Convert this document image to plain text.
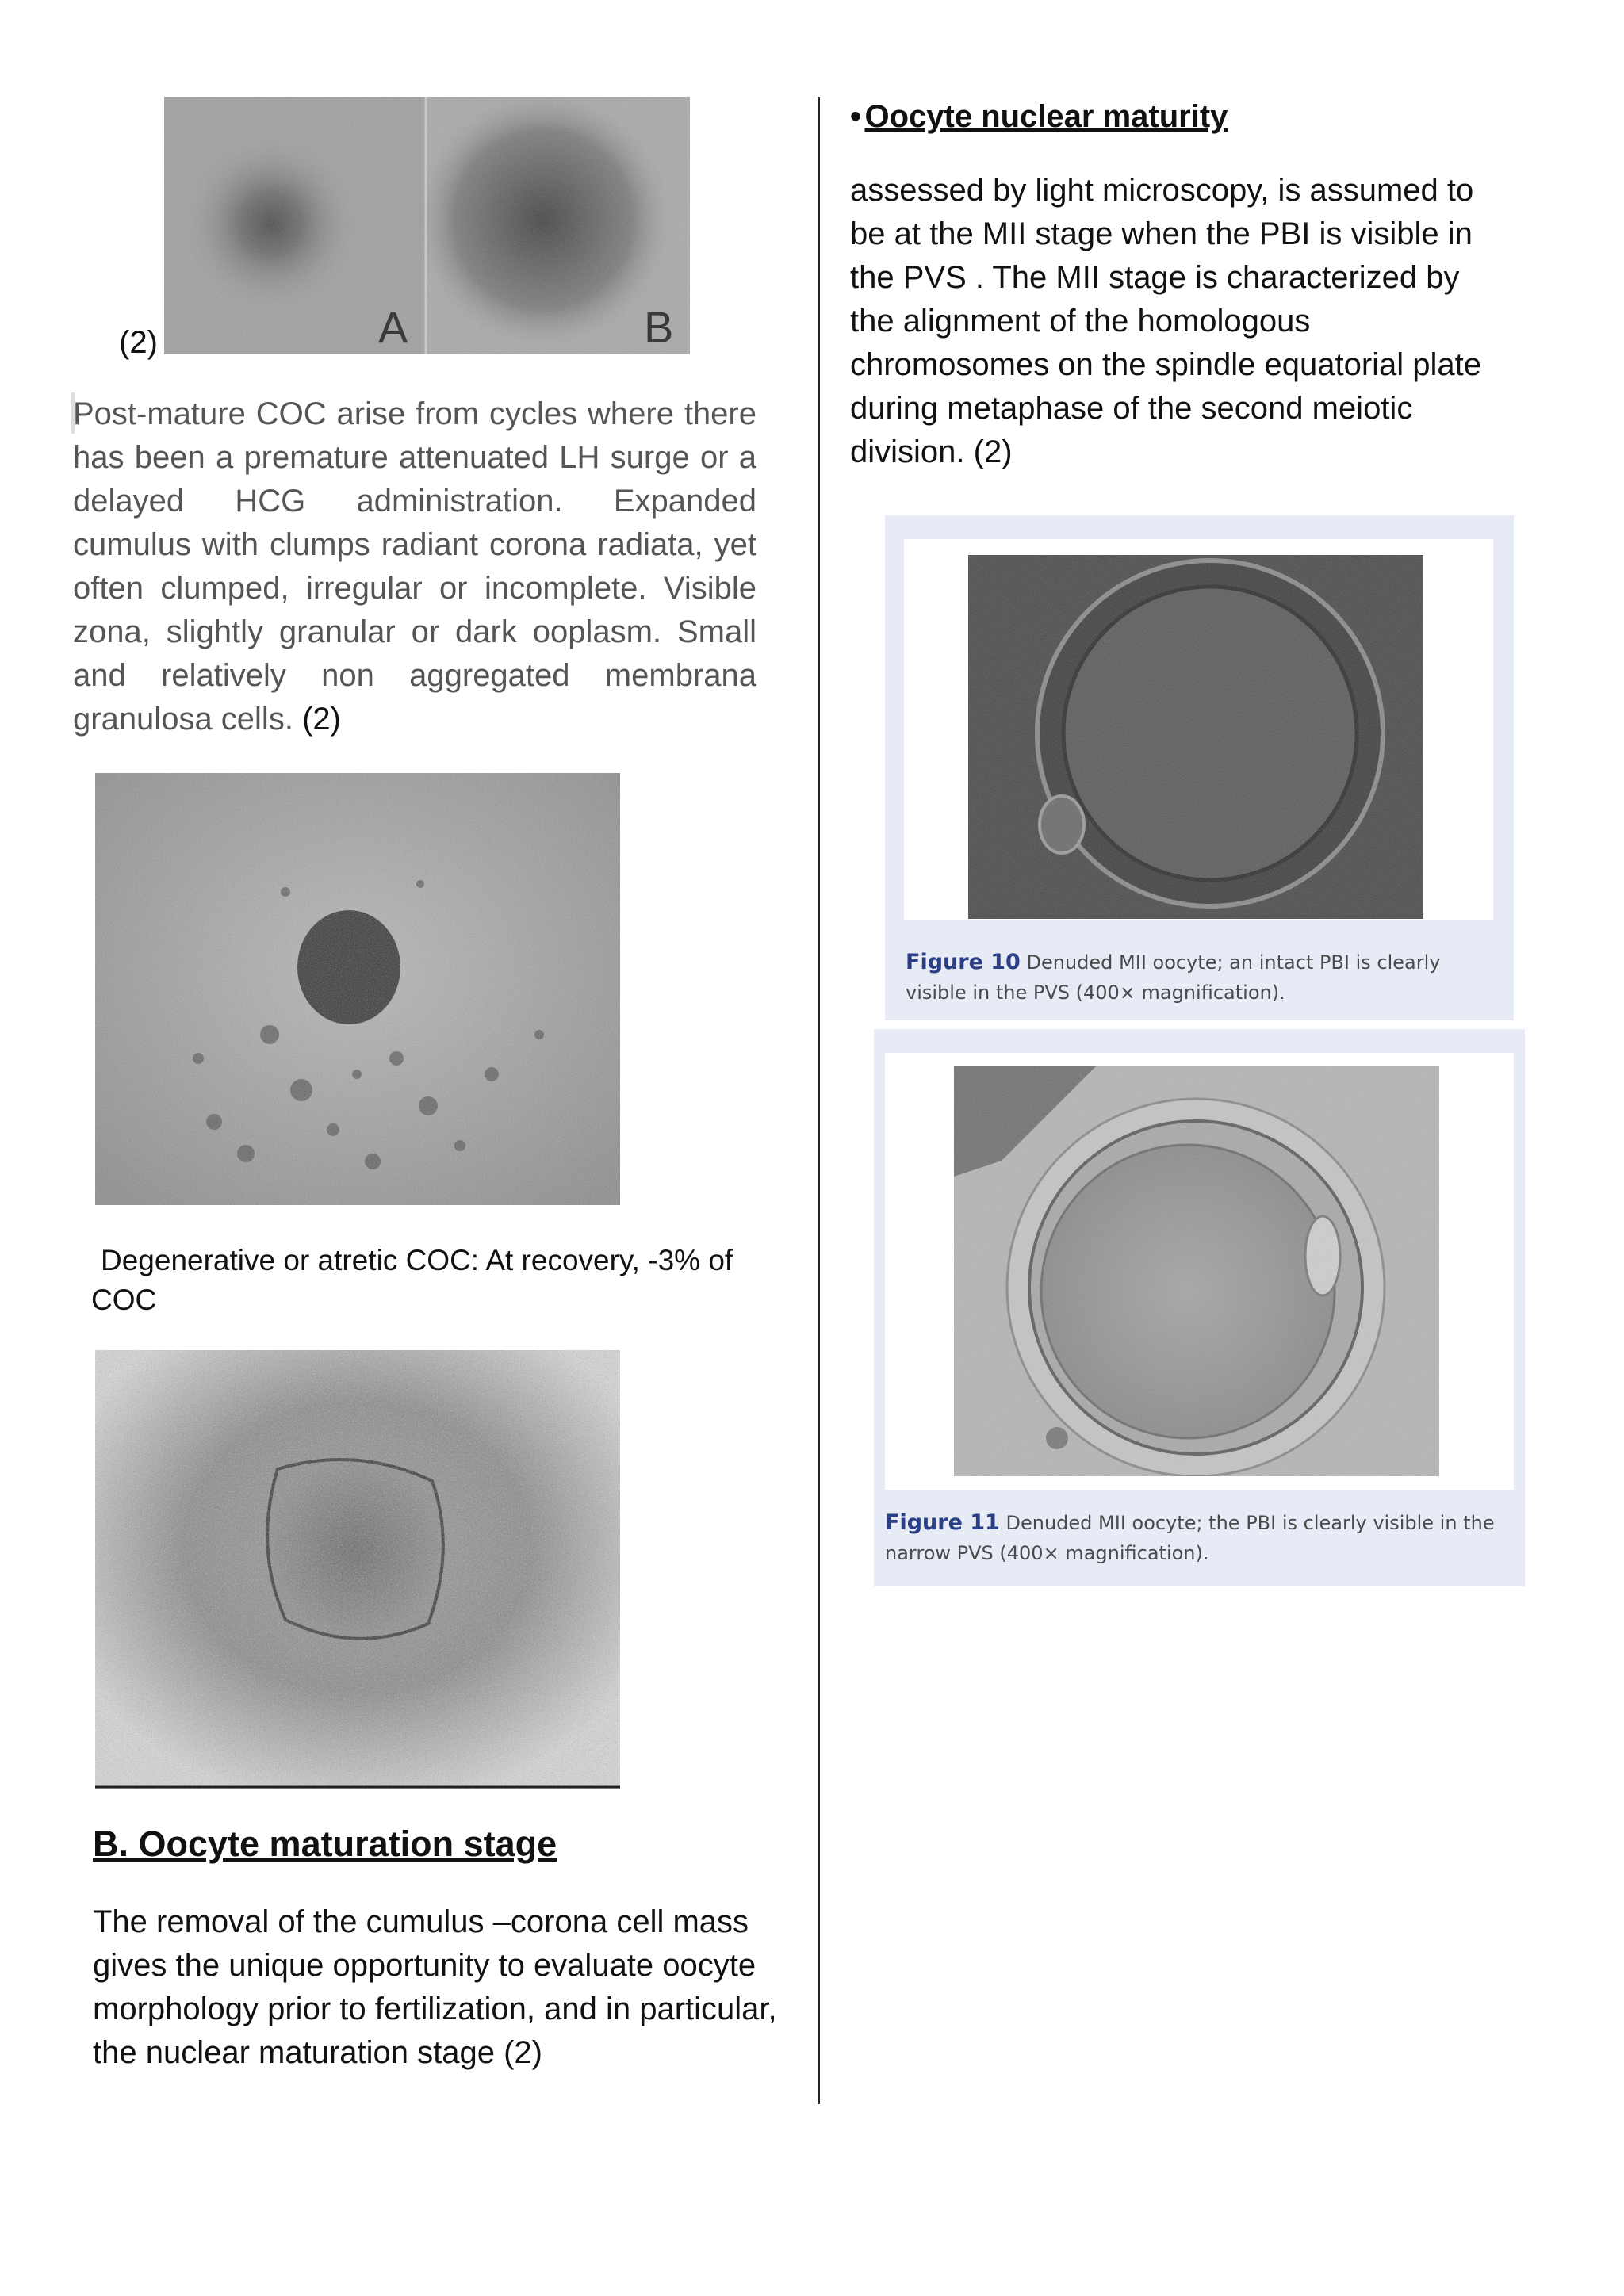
(2)	A	B
Post-mature COC arise from cycles where there has been a premature attenuated LH surge or a delayed HCG administration. Expanded cumulus with clumps radiant corona radiata, yet often clumped, irregular or incomplete. Visible zona, slightly granular or dark ooplasm. Small and relatively non aggregated membrana granulosa cells. (2)
Degenerative or atretic COC: At recovery, -3% of
COC
B. Oocyte maturation stage
The removal of the cumulus –corona cell mass gives the unique opportunity to evaluate oocyte morphology prior to fertilization, and in particular, the nuclear maturation stage (2)
• Oocyte nuclear maturity
assessed by light microscopy, is assumed to be at the MII stage when the PBI is visible in the PVS . The MII stage is characterized by the alignment of the homologous chromosomes on the spindle equatorial plate during metaphase of the second meiotic division. (2)
Figure 10 Denuded MII oocyte; an intact PBI is clearly visible in the PVS (400× magnification).
Figure 11 Denuded MII oocyte; the PBI is clearly visible in the narrow PVS (400× magnification).
